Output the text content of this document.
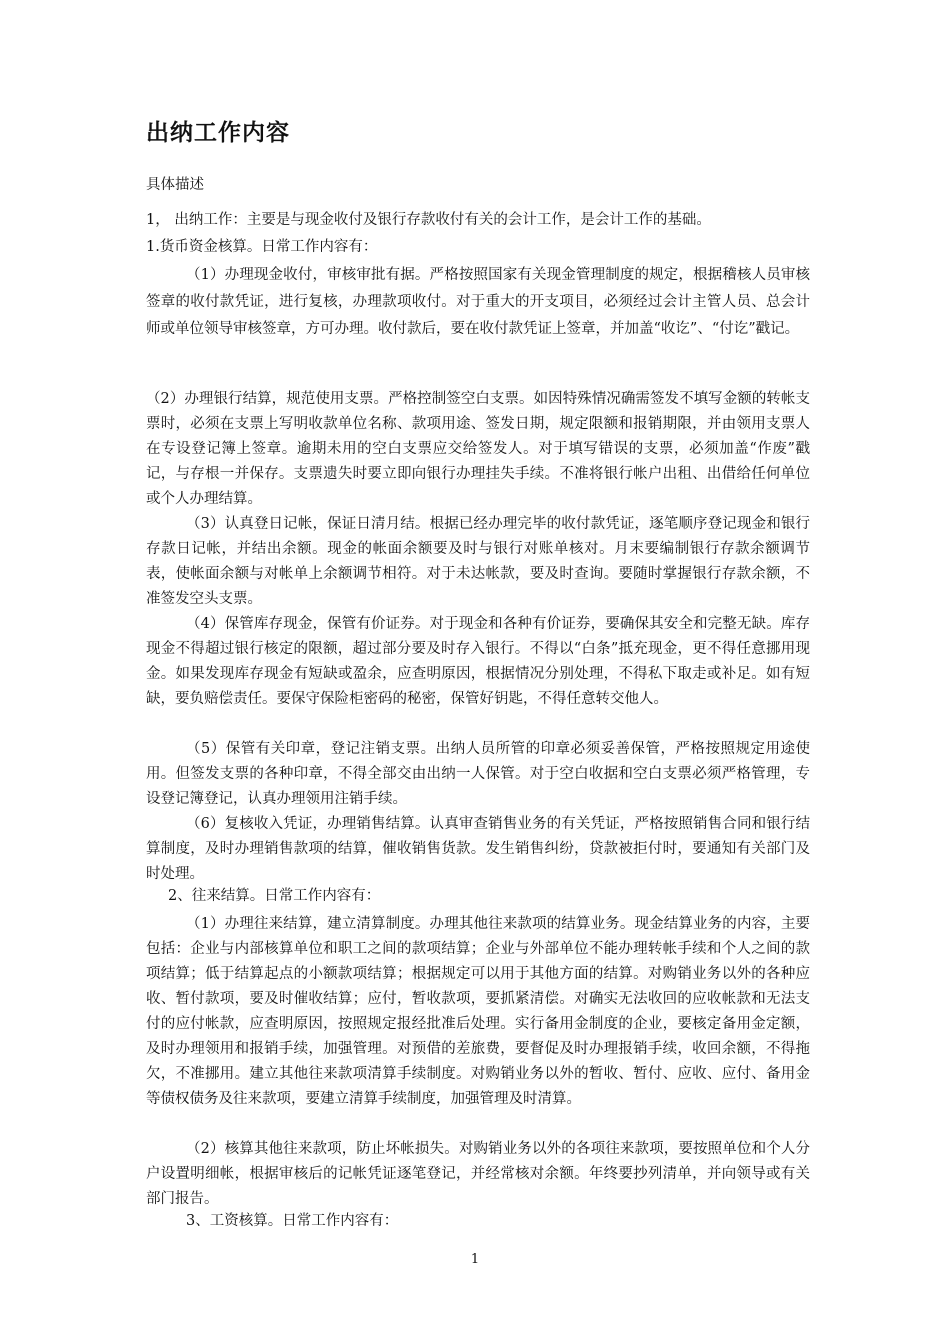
出纳工作内容
具体描述
1， 出纳工作：主要是与现金收付及银行存款收付有关的会计工作，是会计工作的基础。
1.货币资金核算。日常工作内容有：

（1）办理现金收付，审核审批有据。严格按照国家有关现金管理制度的规定，根据稽核人员审核签章的收付款凭证，进行复核，办理款项收付。对于重大的开支项目，必须经过会计主管人员、总会计师或单位领导审核签章，方可办理。收付款后，要在收付款凭证上签章，并加盖“收讫”、“付讫”戳记。

（2）办理银行结算，规范使用支票。严格控制签空白支票。如因特殊情况确需签发不填写金额的转帐支票时，必须在支票上写明收款单位名称、款项用途、签发日期，规定限额和报销期限，并由领用支票人在专设登记簿上签章。逾期未用的空白支票应交给签发人。对于填写错误的支票，必须加盖“作废”戳记，与存根一并保存。支票遗失时要立即向银行办理挂失手续。不准将银行帐户出租、出借给任何单位或个人办理结算。

（3）认真登日记帐，保证日清月结。根据已经办理完毕的收付款凭证，逐笔顺序登记现金和银行存款日记帐，并结出余额。现金的帐面余额要及时与银行对账单核对。月末要编制银行存款余额调节表，使帐面余额与对帐单上余额调节相符。对于未达帐款，要及时查询。要随时掌握银行存款余额，不准签发空头支票。

（4）保管库存现金，保管有价证券。对于现金和各种有价证券，要确保其安全和完整无缺。库存现金不得超过银行核定的限额，超过部分要及时存入银行。不得以“白条”抵充现金，更不得任意挪用现金。如果发现库存现金有短缺或盈余，应查明原因，根据情况分别处理，不得私下取走或补足。如有短缺，要负赔偿责任。要保守保险柜密码的秘密，保管好钥匙，不得任意转交他人。

（5）保管有关印章，登记注销支票。出纳人员所管的印章必须妥善保管，严格按照规定用途使用。但签发支票的各种印章，不得全部交由出纳一人保管。对于空白收据和空白支票必须严格管理，专设登记簿登记，认真办理领用注销手续。

（6）复核收入凭证，办理销售结算。认真审查销售业务的有关凭证，严格按照销售合同和银行结算制度，及时办理销售款项的结算，催收销售货款。发生销售纠纷，贷款被拒付时，要通知有关部门及时处理。

2、往来结算。日常工作内容有：

（1）办理往来结算，建立清算制度。办理其他往来款项的结算业务。现金结算业务的内容，主要包括：企业与内部核算单位和职工之间的款项结算；企业与外部单位不能办理转帐手续和个人之间的款项结算；低于结算起点的小额款项结算；根据规定可以用于其他方面的结算。对购销业务以外的各种应收、暂付款项，要及时催收结算；应付，暂收款项，要抓紧清偿。对确实无法收回的应收帐款和无法支付的应付帐款，应查明原因，按照规定报经批准后处理。实行备用金制度的企业，要核定备用金定额，及时办理领用和报销手续，加强管理。对预借的差旅费，要督促及时办理报销手续，收回余额，不得拖欠，不准挪用。建立其他往来款项清算手续制度。对购销业务以外的暂收、暂付、应收、应付、备用金等债权债务及往来款项，要建立清算手续制度，加强管理及时清算。

（2）核算其他往来款项，防止坏帐损失。对购销业务以外的各项往来款项，要按照单位和个人分户设置明细帐，根据审核后的记帐凭证逐笔登记，并经常核对余额。年终要抄列清单，并向领导或有关部门报告。

3、工资核算。日常工作内容有：
1
